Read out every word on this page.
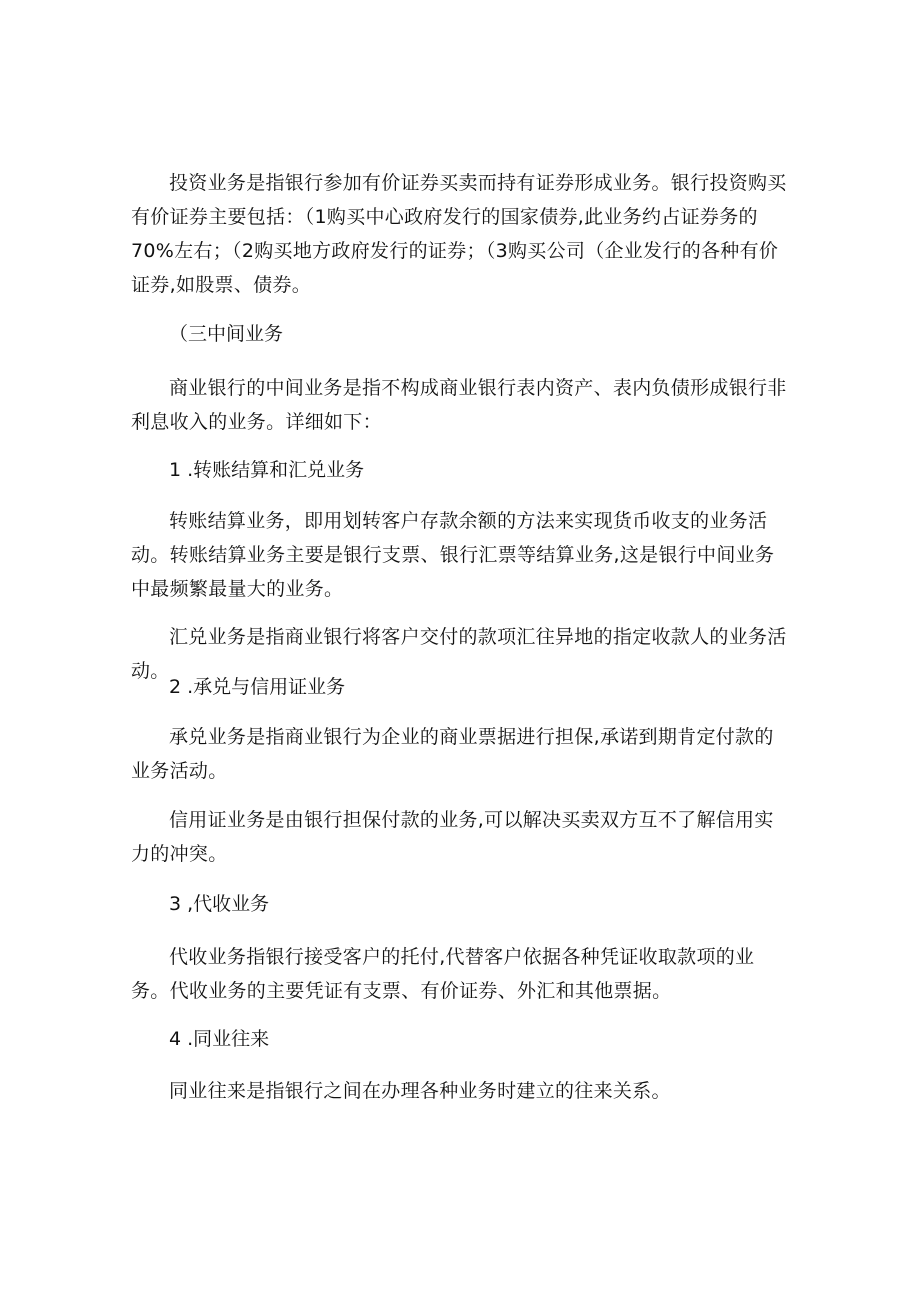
投资业务是指银行参加有价证券买卖而持有证券形成业务。银行投资购买有价证券主要包括：（1购买中心政府发行的国家债券,此业务约占证券务的70%左右；（2购买地方政府发行的证券；（3购买公司（企业发行的各种有价证券,如股票、债券。

（三中间业务

商业银行的中间业务是指不构成商业银行表内资产、表内负债形成银行非利息收入的业务。详细如下：

1 .转账结算和汇兑业务

转账结算业务，即用划转客户存款余额的方法来实现货币收支的业务活动。转账结算业务主要是银行支票、银行汇票等结算业务,这是银行中间业务中最频繁最量大的业务。

汇兑业务是指商业银行将客户交付的款项汇往异地的指定收款人的业务活动。

2 .承兑与信用证业务

承兑业务是指商业银行为企业的商业票据进行担保,承诺到期肯定付款的业务活动。

信用证业务是由银行担保付款的业务,可以解决买卖双方互不了解信用实力的冲突。

3 ,代收业务

代收业务指银行接受客户的托付,代替客户依据各种凭证收取款项的业务。代收业务的主要凭证有支票、有价证券、外汇和其他票据。

4 .同业往来

同业往来是指银行之间在办理各种业务时建立的往来关系。
